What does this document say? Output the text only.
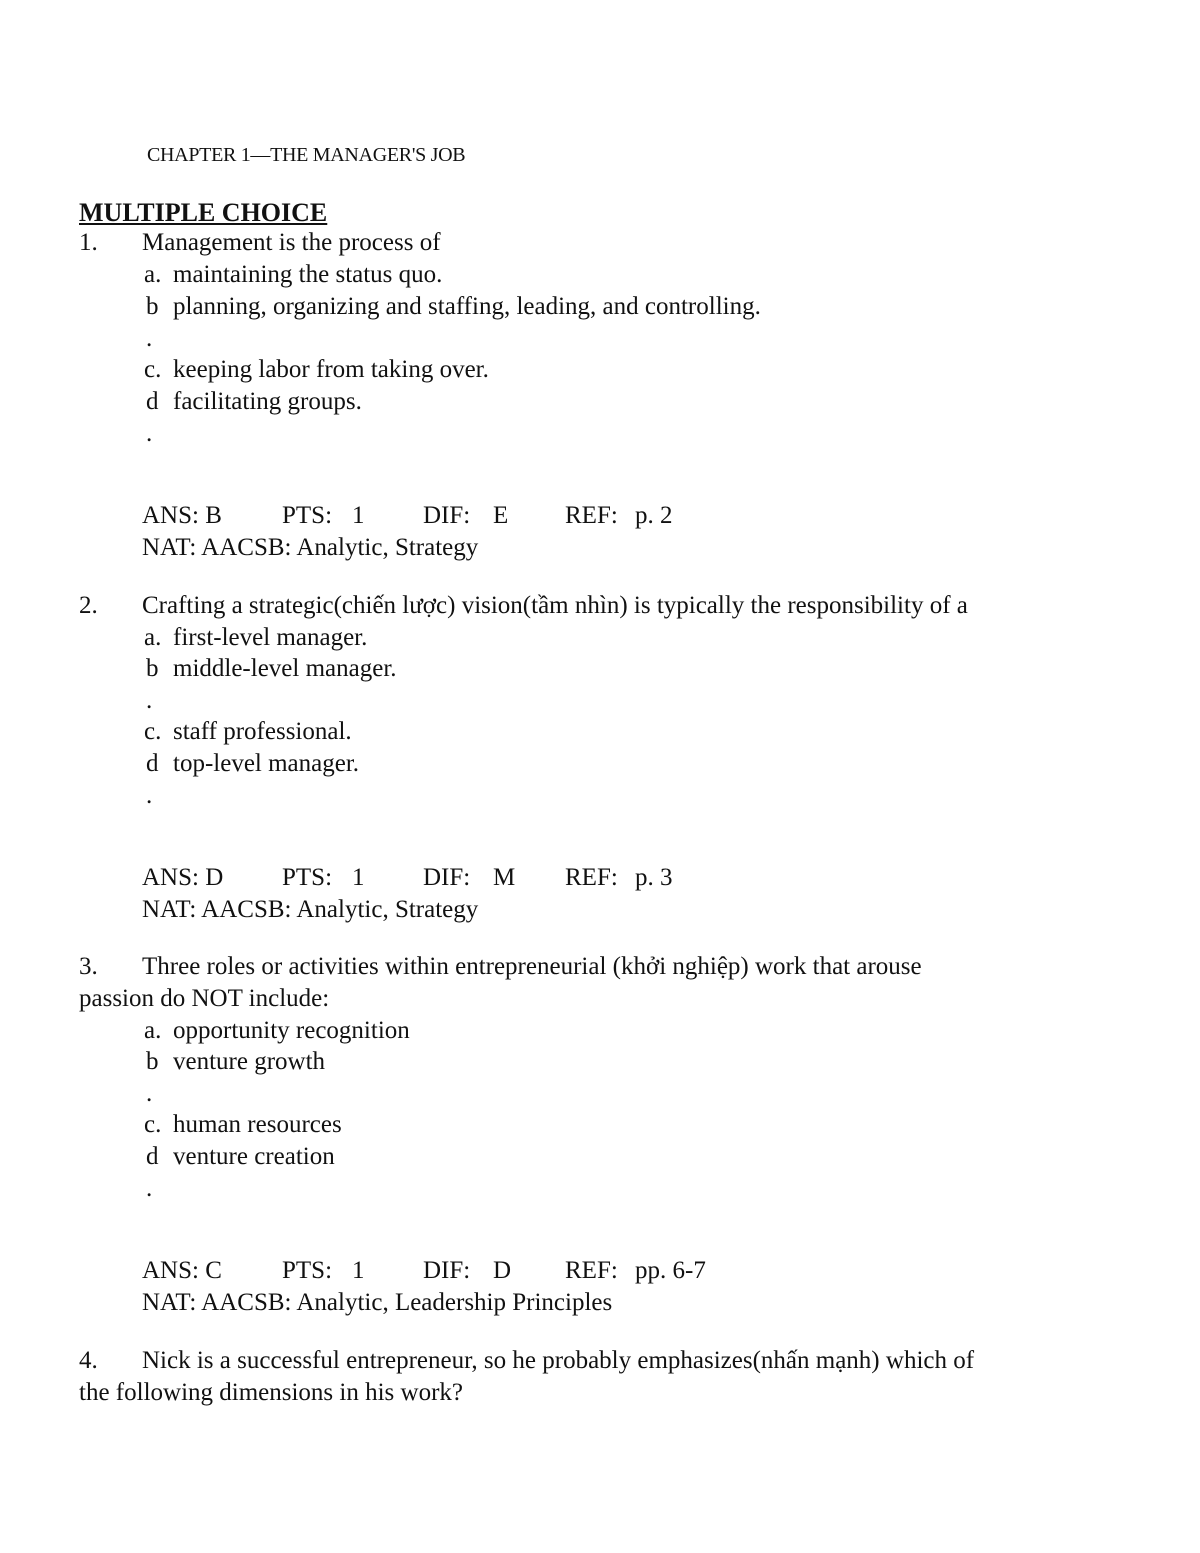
CHAPTER 1—THE MANAGER'S JOB
MULTIPLE CHOICE
1. Management is the process of
a. maintaining the status quo.
b planning, organizing and staffing, leading, and controlling.
.
c. keeping labor from taking over.
d facilitating groups.
.
ANS: B PTS: 1 DIF: E REF: p. 2
NAT: AACSB: Analytic, Strategy
2. Crafting a strategic(chiến lược) vision(tầm nhìn) is typically the responsibility of a
a. first-level manager.
b middle-level manager.
.
c. staff professional.
d top-level manager.
.
ANS: D PTS: 1 DIF: M REF: p. 3
NAT: AACSB: Analytic, Strategy
3. Three roles or activities within entrepreneurial (khởi nghiệp) work that arouse
passion do NOT include:
a. opportunity recognition
b venture growth
.
c. human resources
d venture creation
.
ANS: C PTS: 1 DIF: D REF: pp. 6-7
NAT: AACSB: Analytic, Leadership Principles
4. Nick is a successful entrepreneur, so he probably emphasizes(nhấn mạnh) which of
the following dimensions in his work?
